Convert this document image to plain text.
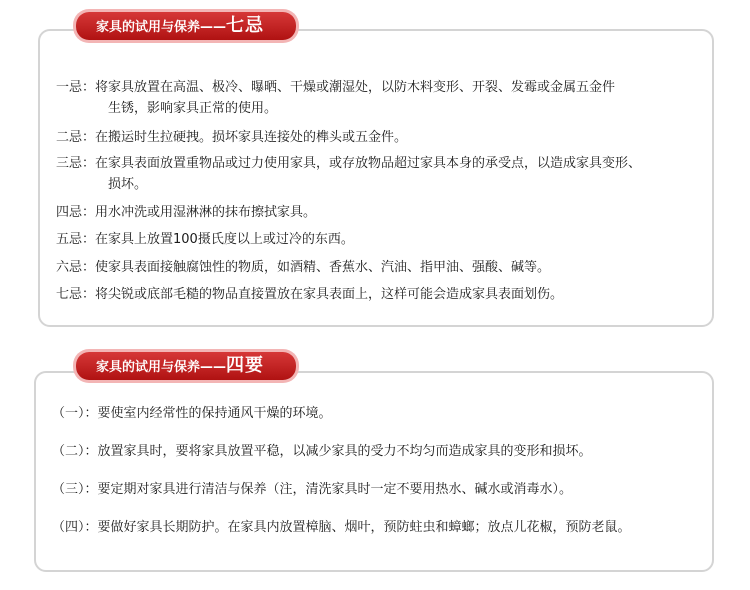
家具的试用与保养——七忌
一忌：将家具放置在高温、极冷、曝晒、干燥或潮湿处，以防木料变形、开裂、发霉或金属五金件
生锈，影响家具正常的使用。
二忌：在搬运时生拉硬拽。损坏家具连接处的榫头或五金件。
三忌：在家具表面放置重物品或过力使用家具，或存放物品超过家具本身的承受点，以造成家具变形、
损坏。
四忌：用水冲洗或用湿淋淋的抹布擦拭家具。
五忌：在家具上放置100摄氏度以上或过冷的东西。
六忌：使家具表面接触腐蚀性的物质，如酒精、香蕉水、汽油、指甲油、强酸、碱等。
七忌：将尖锐或底部毛糙的物品直接置放在家具表面上，这样可能会造成家具表面划伤。
家具的试用与保养——四要
（一）：要使室内经常性的保持通风干燥的环境。
（二）：放置家具时，要将家具放置平稳，以减少家具的受力不均匀而造成家具的变形和损坏。
（三）：要定期对家具进行清洁与保养（注，清洗家具时一定不要用热水、碱水或消毒水）。
（四）：要做好家具长期防护。在家具内放置樟脑、烟叶，预防蛀虫和蟑螂；放点儿花椒，预防老鼠。
